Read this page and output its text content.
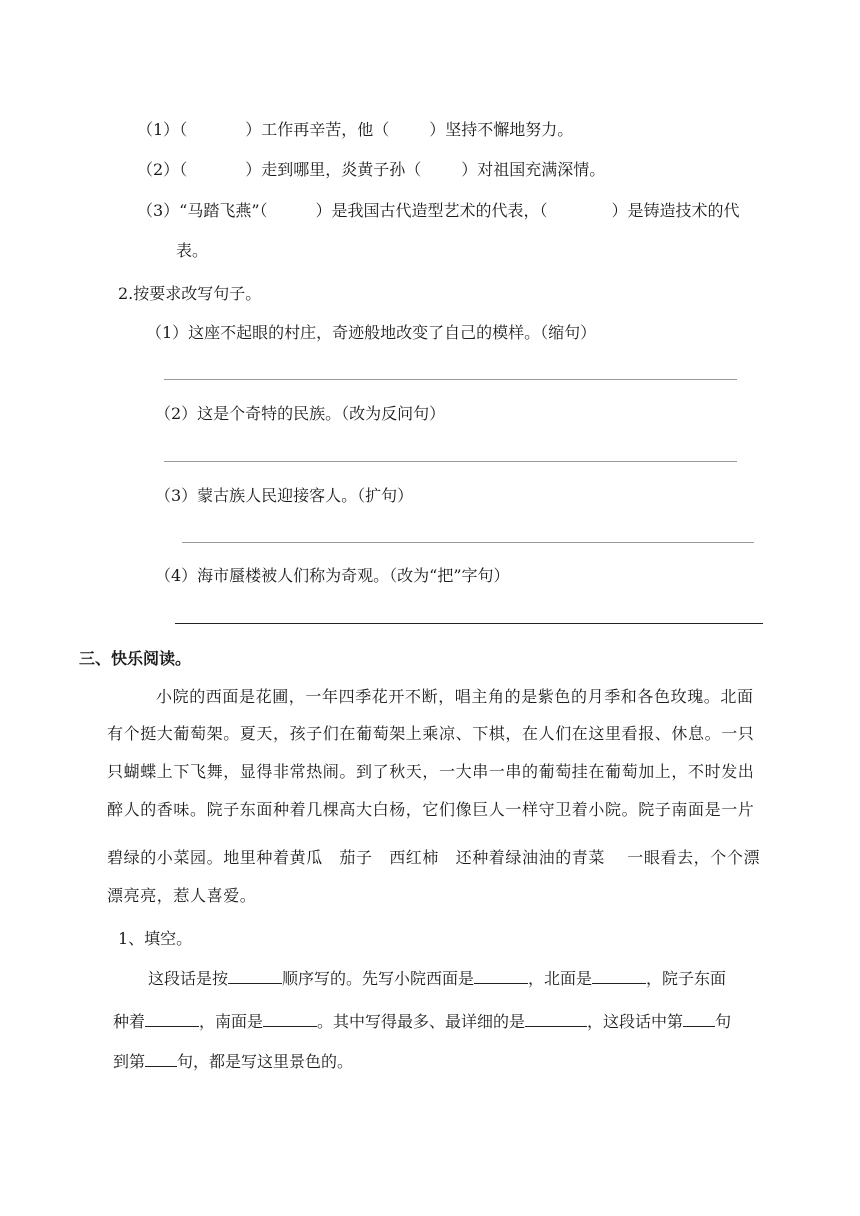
（1）（	）工作再辛苦，他（	）坚持不懈地努力。
（2）（	）走到哪里，炎黄子孙（	）对祖国充满深情。
（3）“马踏飞燕”（　　　）是我国古代造型艺术的代表，（　　　　）是铸造技术的代
表。
2.按要求改写句子。
（1）这座不起眼的村庄，奇迹般地改变了自己的模样。（缩句）
（2）这是个奇特的民族。（改为反问句）
（3）蒙古族人民迎接客人。（扩句）
（4）海市蜃楼被人们称为奇观。（改为“把”字句）
三、快乐阅读。
小院的西面是花圃，一年四季花开不断，唱主角的是紫色的月季和各色玫瑰。北面
有个挺大葡萄架。夏天，孩子们在葡萄架上乘凉、下棋，在人们在这里看报、休息。一只
只蝴蝶上下飞舞，显得非常热闹。到了秋天，一大串一串的葡萄挂在葡萄加上，不时发出
醉人的香味。院子东面种着几棵高大白杨，它们像巨人一样守卫着小院。院子南面是一片
碧绿的小菜园。地里种着黄瓜　茄子　西红柿　还种着绿油油的青菜　 一眼看去，个个漂
漂亮亮，惹人喜爱。
1、填空。
这段话是按	顺序写的。先写小院西面是	，北面是	，院子东面
种着	，南面是	。其中写得最多、最详细的是	，这段话中第 句
到第 句，都是写这里景色的。
